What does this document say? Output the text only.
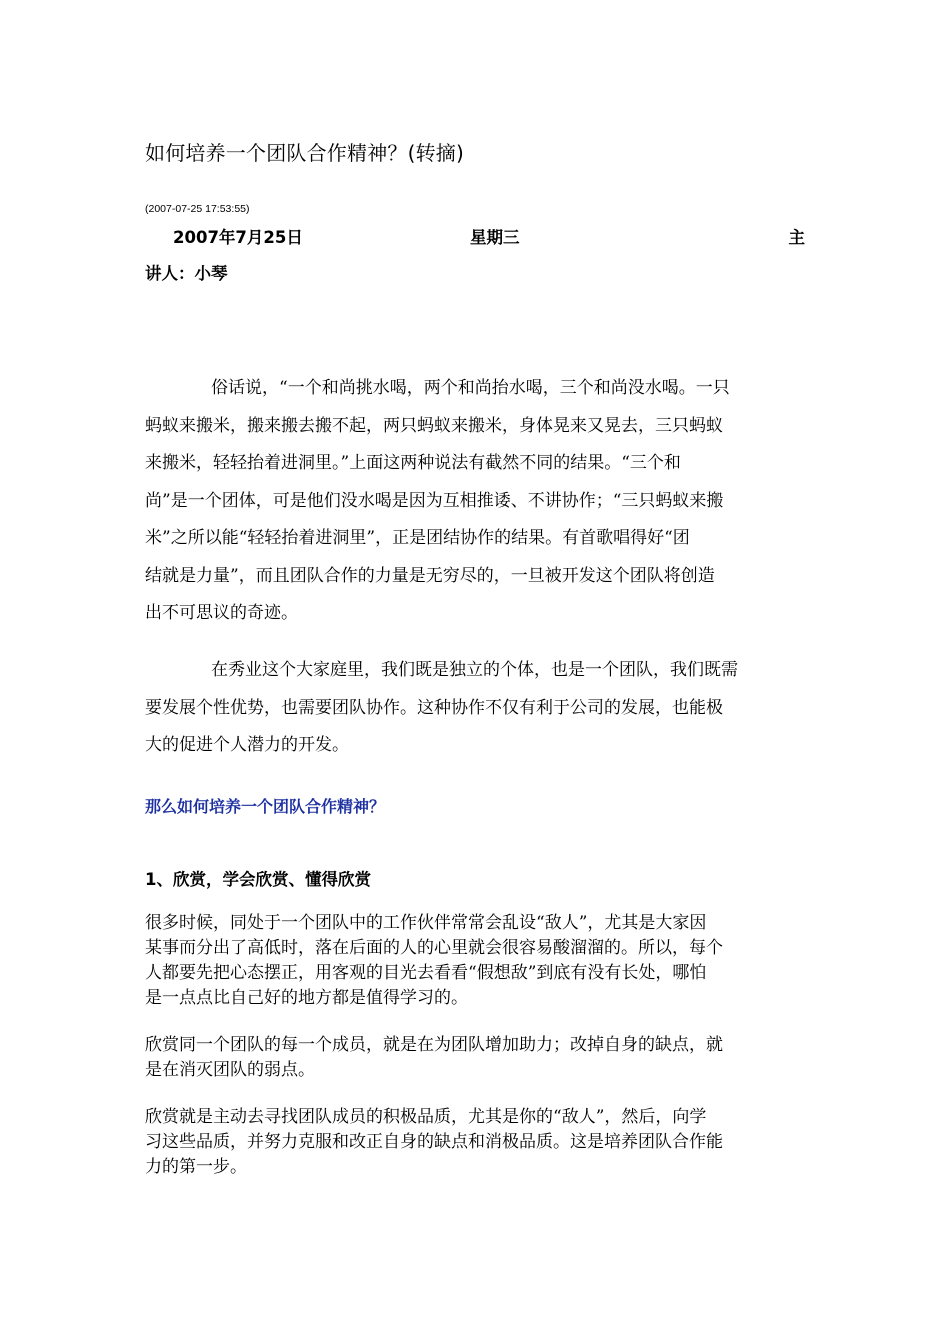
如何培养一个团队合作精神？(转摘)
(2007-07-25 17:53:55)
2007年7月25日	星期三	主
讲人：小琴
俗话说，“一个和尚挑水喝，两个和尚抬水喝，三个和尚没水喝。一只
蚂蚁来搬米，搬来搬去搬不起，两只蚂蚁来搬米，身体晃来又晃去，三只蚂蚁
来搬米，轻轻抬着进洞里。”上面这两种说法有截然不同的结果。“三个和
尚”是一个团体，可是他们没水喝是因为互相推诿、不讲协作；“三只蚂蚁来搬
米”之所以能“轻轻抬着进洞里”，正是团结协作的结果。有首歌唱得好“团
结就是力量”，而且团队合作的力量是无穷尽的，一旦被开发这个团队将创造
出不可思议的奇迹。
在秀业这个大家庭里，我们既是独立的个体，也是一个团队，我们既需
要发展个性优势，也需要团队协作。这种协作不仅有利于公司的发展，也能极
大的促进个人潜力的开发。
那么如何培养一个团队合作精神？
1、欣赏，学会欣赏、懂得欣赏
很多时候，同处于一个团队中的工作伙伴常常会乱设“敌人”，尤其是大家因
某事而分出了高低时，落在后面的人的心里就会很容易酸溜溜的。所以，每个
人都要先把心态摆正，用客观的目光去看看“假想敌”到底有没有长处，哪怕
是一点点比自己好的地方都是值得学习的。
欣赏同一个团队的每一个成员，就是在为团队增加助力；改掉自身的缺点，就
是在消灭团队的弱点。
欣赏就是主动去寻找团队成员的积极品质，尤其是你的“敌人”，然后，向学
习这些品质，并努力克服和改正自身的缺点和消极品质。这是培养团队合作能
力的第一步。
